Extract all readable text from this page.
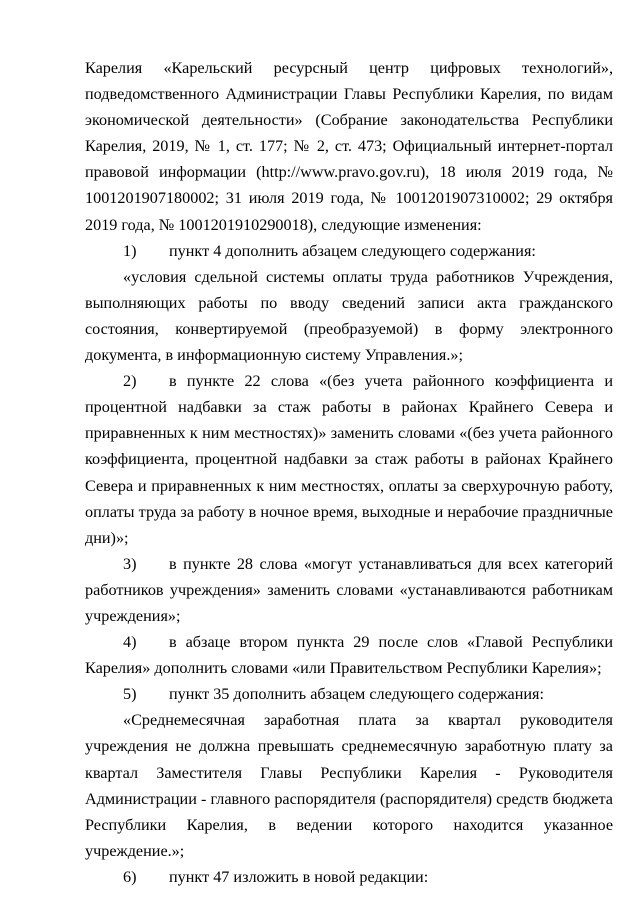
Карелия «Карельский ресурсный центр цифровых технологий», подведомственного Администрации Главы Республики Карелия, по видам экономической деятельности» (Собрание законодательства Республики Карелия, 2019, № 1, ст. 177; № 2, ст. 473; Официальный интернет-портал правовой информации (http://www.pravo.gov.ru), 18 июля 2019 года, № 1001201907180002; 31 июля 2019 года, № 1001201907310002; 29 октября 2019 года, № 1001201910290018), следующие изменения:

1) пункт 4 дополнить абзацем следующего содержания:

«условия сдельной системы оплаты труда работников Учреждения, выполняющих работы по вводу сведений записи акта гражданского состояния, конвертируемой (преобразуемой) в форму электронного документа, в информационную систему Управления.»;

2) в пункте 22 слова «(без учета районного коэффициента и процентной надбавки за стаж работы в районах Крайнего Севера и приравненных к ним местностях)» заменить словами «(без учета районного коэффициента, процентной надбавки за стаж работы в районах Крайнего Севера и приравненных к ним местностях, оплаты за сверхурочную работу, оплаты труда за работу в ночное время, выходные и нерабочие праздничные дни)»;

3) в пункте 28 слова «могут устанавливаться для всех категорий работников учреждения» заменить словами «устанавливаются работникам учреждения»;

4) в абзаце втором пункта 29 после слов «Главой Республики Карелия» дополнить словами «или Правительством Республики Карелия»;

5) пункт 35 дополнить абзацем следующего содержания:

«Среднемесячная заработная плата за квартал руководителя учреждения не должна превышать среднемесячную заработную плату за квартал Заместителя Главы Республики Карелия - Руководителя Администрации - главного распорядителя (распорядителя) средств бюджета Республики Карелия, в ведении которого находится указанное учреждение.»;

6) пункт 47 изложить в новой редакции:
